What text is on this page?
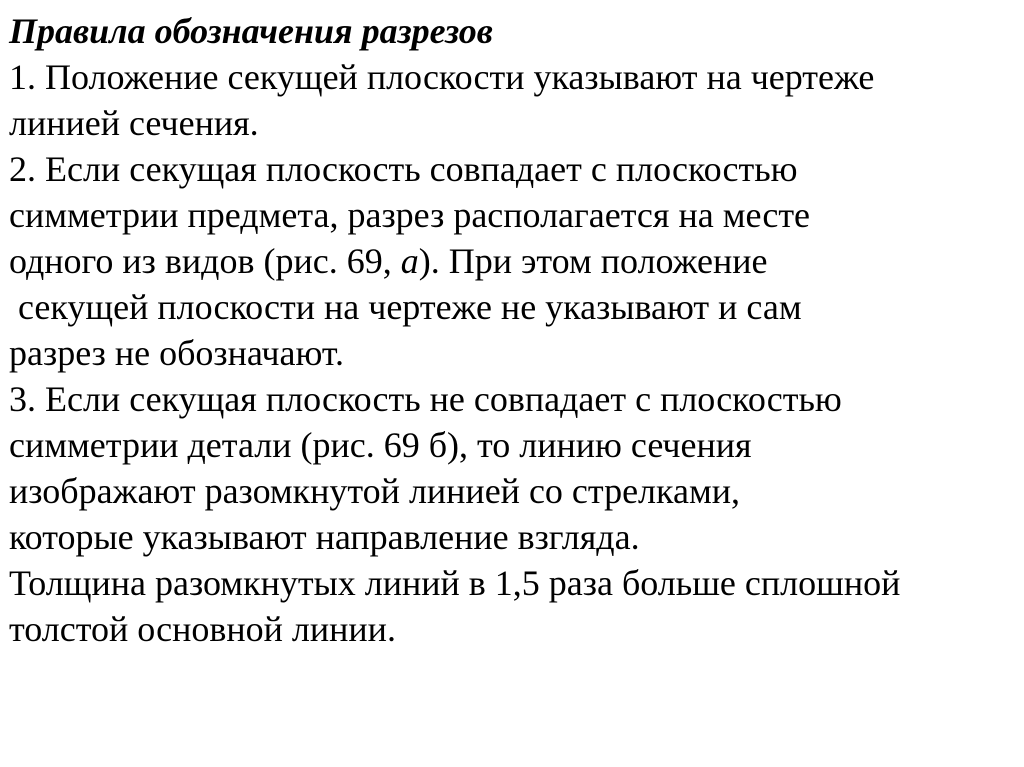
Правила обозначения разрезов
1. Положение секущей плоскости указывают на чертеже
линией сечения.
2. Если секущая плоскость совпадает с плоскостью
симметрии предмета, разрез располагается на месте
одного из видов (рис. 69, а). При этом положение
секущей плоскости на чертеже не указывают и сам
разрез не обозначают.
3. Если секущая плоскость не совпадает с плоскостью
симметрии детали (рис. 69 б), то линию сечения
изображают разомкнутой линией со стрелками,
которые указывают направление взгляда.
Толщина разомкнутых линий в 1,5 раза больше сплошной
толстой основной линии.
